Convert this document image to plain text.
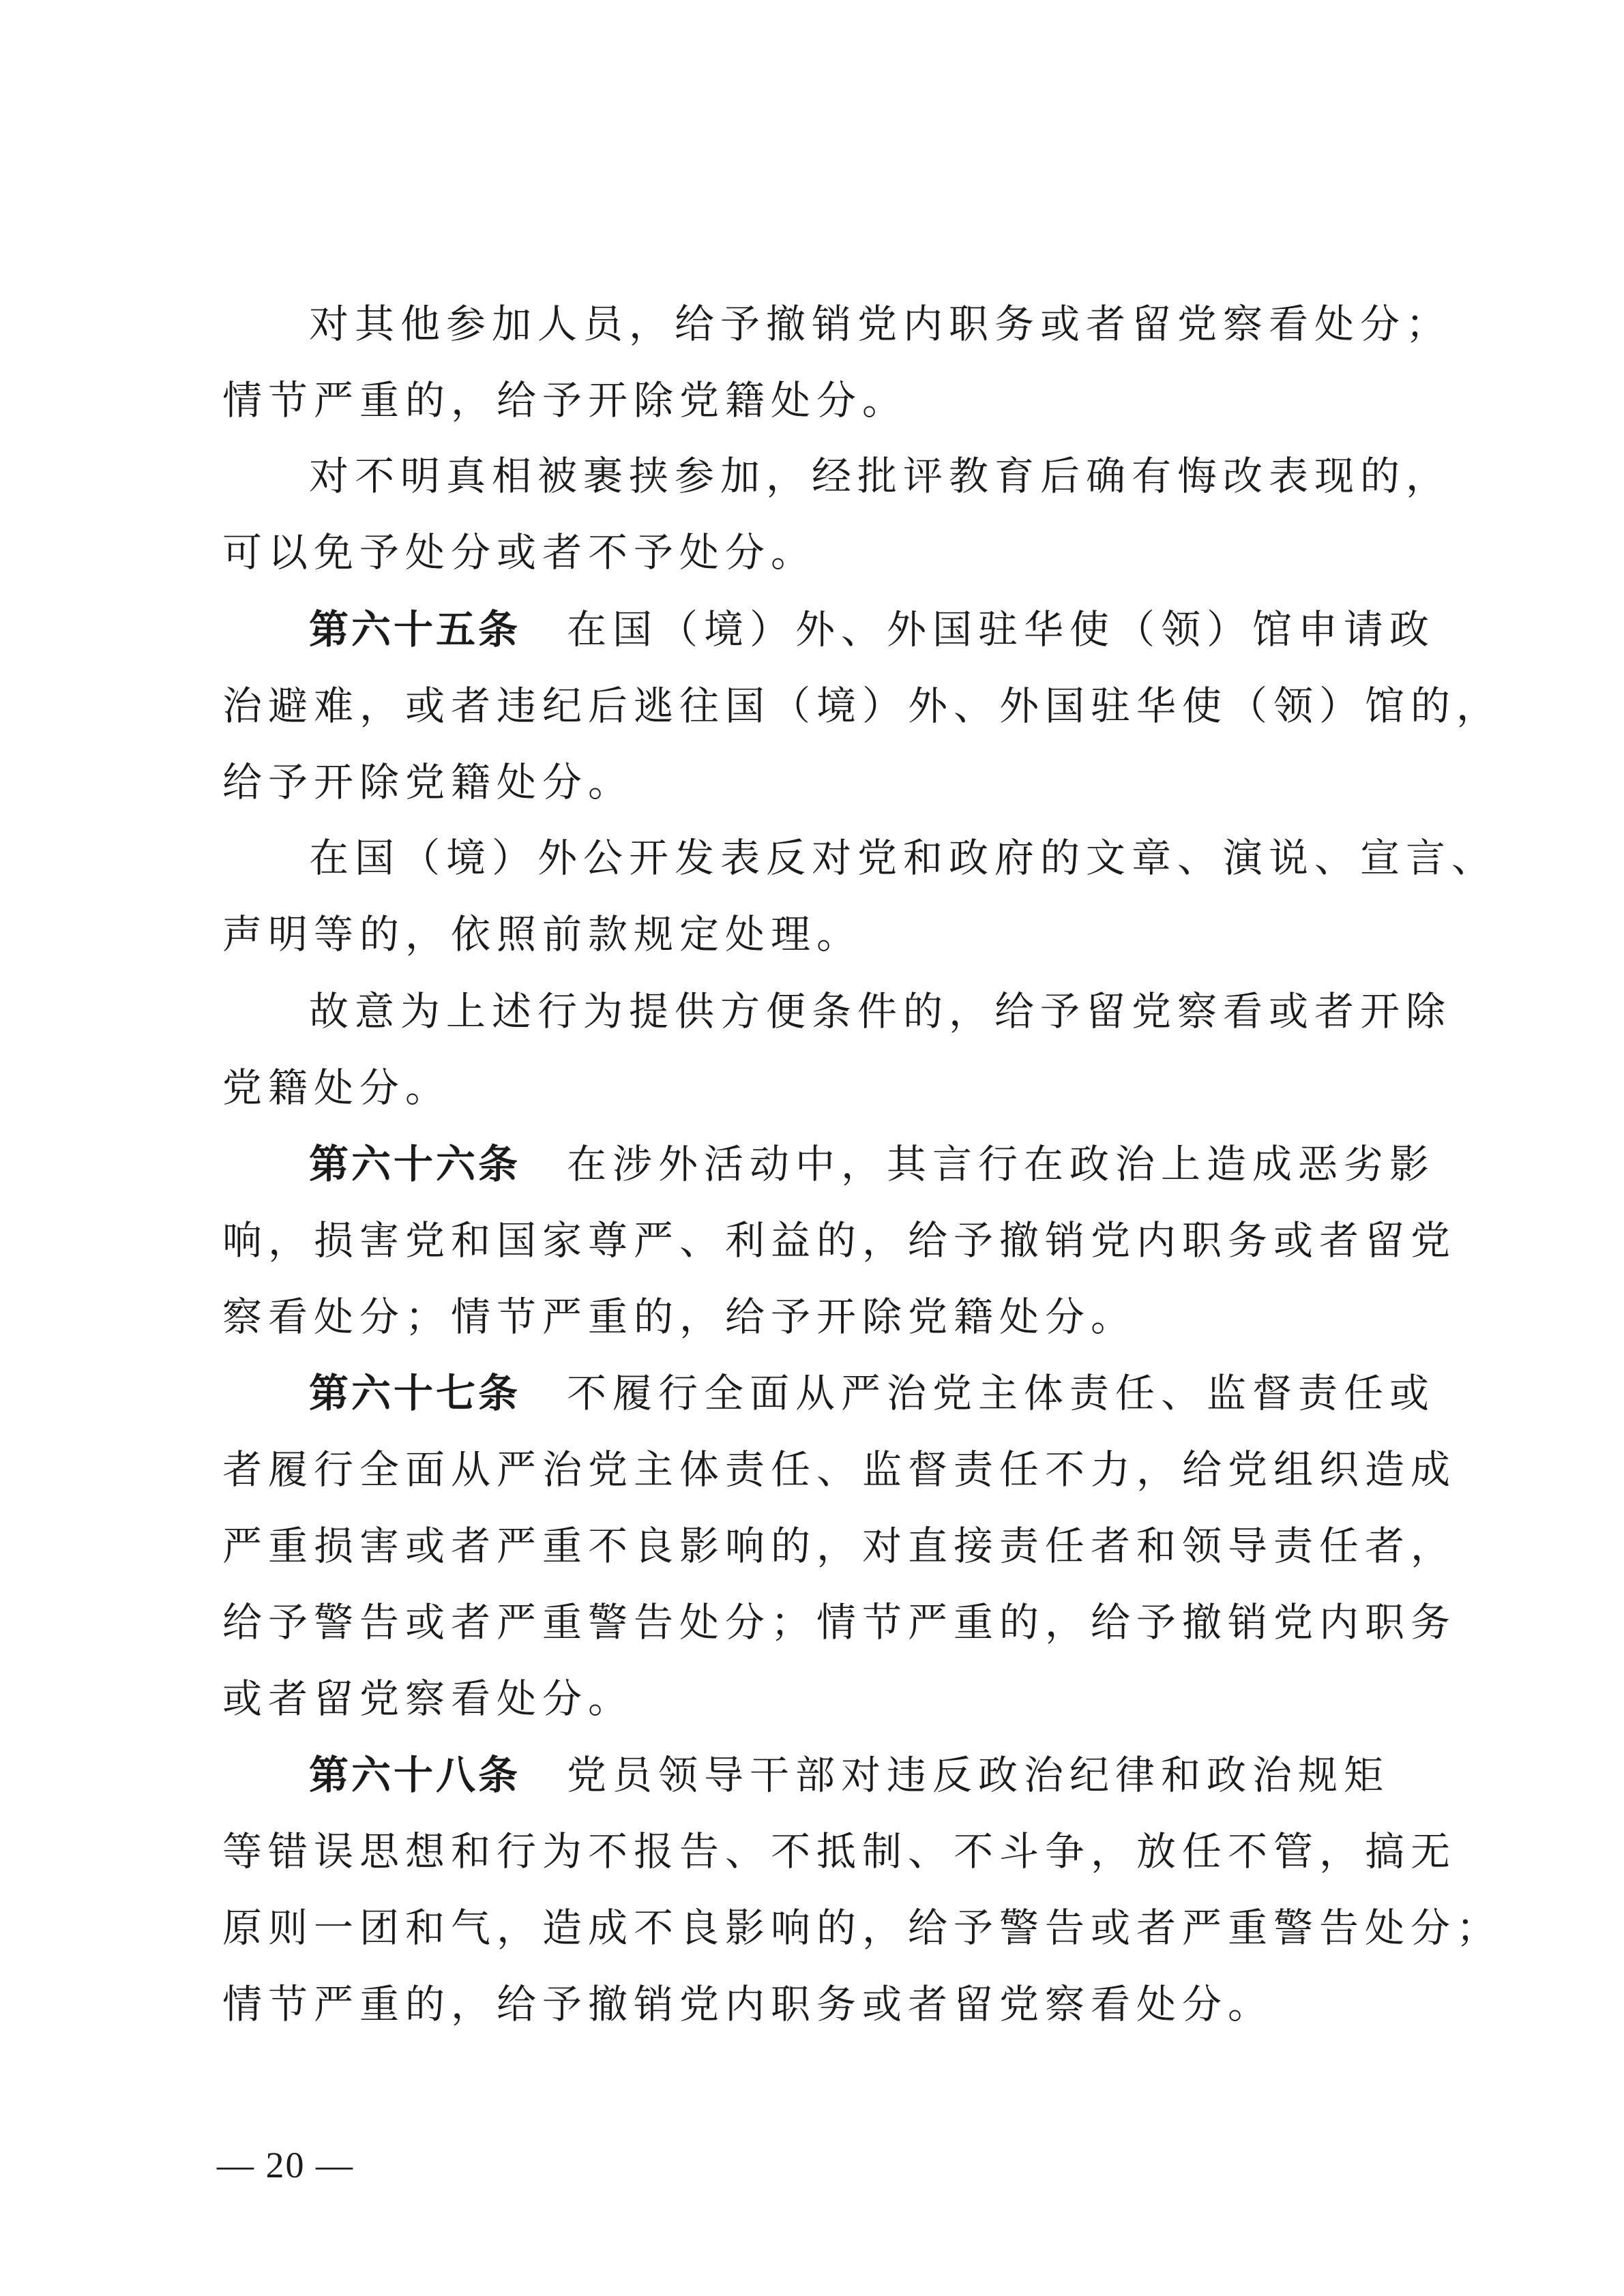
对其他参加人员，给予撤销党内职务或者留党察看处分；
情节严重的，给予开除党籍处分。
对不明真相被裹挟参加，经批评教育后确有悔改表现的，
可以免予处分或者不予处分。
第六十五条 在国（境）外、外国驻华使（领）馆申请政
治避难，或者违纪后逃往国（境）外、外国驻华使（领）馆的，
给予开除党籍处分。
在国（境）外公开发表反对党和政府的文章、演说、宣言、
声明等的，依照前款规定处理。
故意为上述行为提供方便条件的，给予留党察看或者开除
党籍处分。
第六十六条 在涉外活动中，其言行在政治上造成恶劣影
响，损害党和国家尊严、利益的，给予撤销党内职务或者留党
察看处分；情节严重的，给予开除党籍处分。
第六十七条 不履行全面从严治党主体责任、监督责任或
者履行全面从严治党主体责任、监督责任不力，给党组织造成
严重损害或者严重不良影响的，对直接责任者和领导责任者，
给予警告或者严重警告处分；情节严重的，给予撤销党内职务
或者留党察看处分。
第六十八条 党员领导干部对违反政治纪律和政治规矩
等错误思想和行为不报告、不抵制、不斗争，放任不管，搞无
原则一团和气，造成不良影响的，给予警告或者严重警告处分；
情节严重的，给予撤销党内职务或者留党察看处分。
— 20 —
